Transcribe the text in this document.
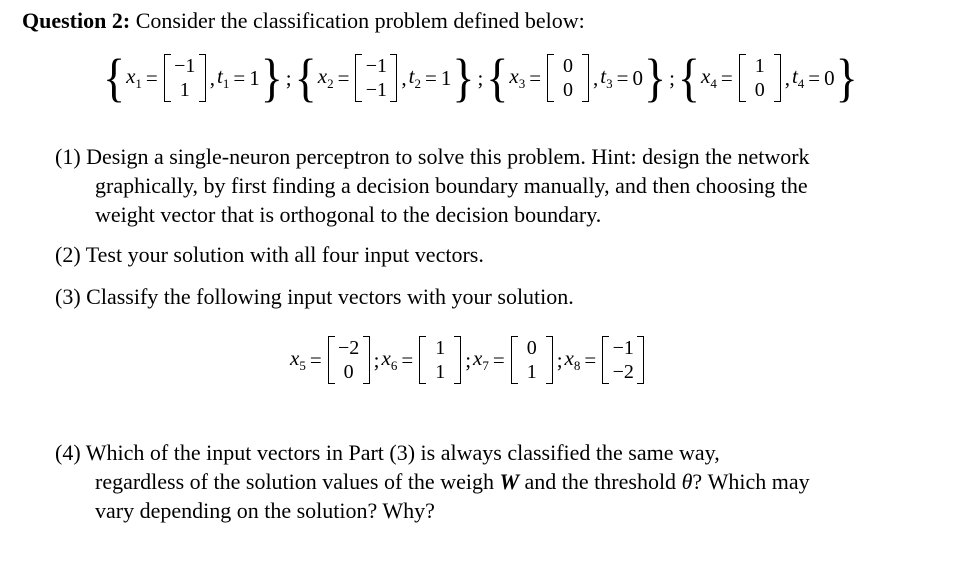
Question 2: Consider the classification problem defined below:
{ $x_1 = -1$
1
, $t_1 = 1$ } ; { $x_2 = -1$
−1
, $t_2 = 1$ } ; { $x_3$ =	0
0
, $t_3 = 0$ } ; { $x_4$ =	1
0
, $t_4 = 0$ }
(1) Design a single-neuron perceptron to solve this problem. Hint: design the network
graphically, by first finding a decision boundary manually, and then choosing the
weight vector that is orthogonal to the decision boundary.
(2) Test your solution with all four input vectors.
(3) Classify the following input vectors with your solution.
$x_5 = -2$
0
; $x_6$ =	1
1
; $x_7$ =	0
1
; $x_8 = -1$
−2
(4) Which of the input vectors in Part (3) is always classified the same way,
regardless of the solution values of the weigh W and the threshold θ? Which may
vary depending on the solution? Why?
